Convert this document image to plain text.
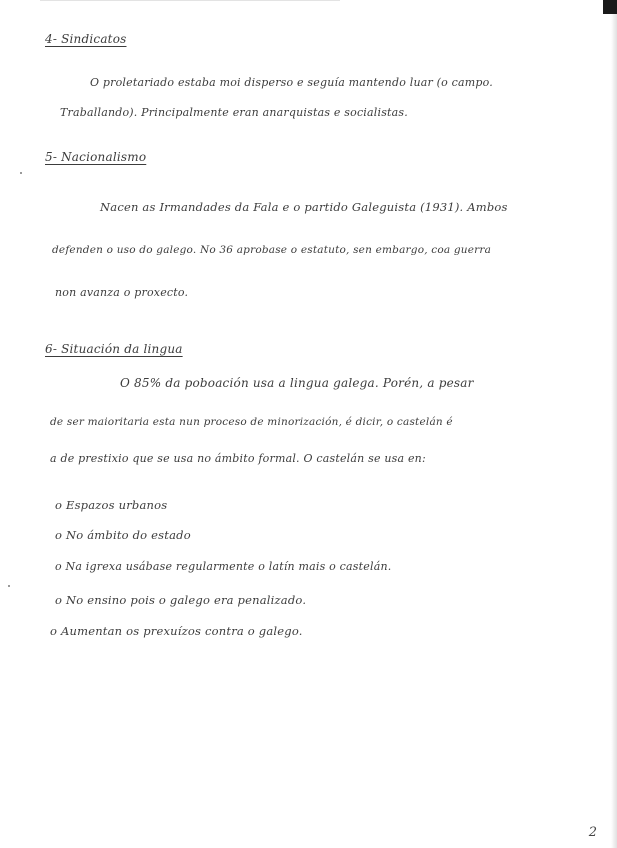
4- Sindicatos
O proletariado estaba moi disperso e seguía mantendo luar (o campo. Traballando). Principalmente eran anarquistas e socialistas.
5- Nacionalismo
Nacen as Irmandades da Fala e o partido Galeguista (1931). Ambos
defenden o uso do galego. No 36 aprobase o estatuto, sen embargo, coa guerra
non avanza o proxecto.
6- Situación da lingua
O 85% da poboación usa a lingua galega. Porén, a pesar
de ser maioritaria esta nun proceso de minorización, é dicir, o castelán é
a de prestixio que se usa no ámbito formal. O castelán se usa en:
o Espazos urbanos
o No ámbito do estado
o Na igrexa usábase regularmente o latín mais o castelán.
o No ensino pois o galego era penalizado.
o Aumentan os prexuízos contra o galego.
2
